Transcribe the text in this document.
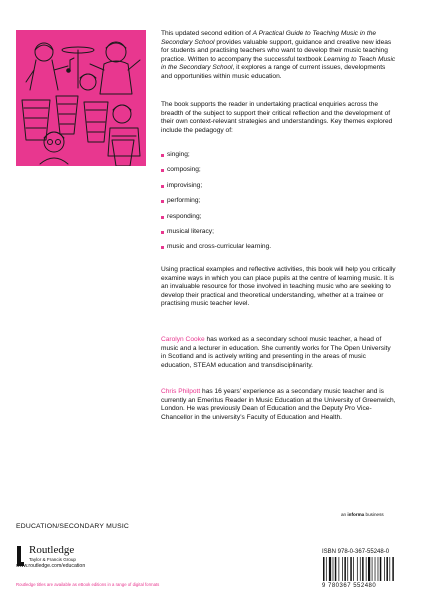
This updated second edition of A Practical Guide to Teaching Music in the Secondary School provides valuable support, guidance and creative new ideas for students and practising teachers who want to develop their music teaching practice. Written to accompany the successful textbook Learning to Teach Music in the Secondary School, it explores a range of current issues, developments and opportunities within music education.

The book supports the reader in undertaking practical enquiries across the breadth of the subject to support their critical reflection and the development of their own context-relevant strategies and understandings. Key themes explored include the pedagogy of:

singing;
composing;
improvising;
performing;
responding;
musical literacy;
music and cross-curricular learning.

Using practical examples and reflective activities, this book will help you critically examine ways in which you can place pupils at the centre of learning music. It is an invaluable resource for those involved in teaching music who are seeking to develop their practical and theoretical understanding, whether at a trainee or practising music teacher level.

Carolyn Cooke has worked as a secondary school music teacher, a head of music and a lecturer in education. She currently works for The Open University in Scotland and is actively writing and presenting in the areas of music education, STEAM education and transdisciplinarity.

Chris Philpott has 16 years’ experience as a secondary music teacher and is currently an Emeritus Reader in Music Education at the University of Greenwich, London. He was previously Dean of Education and the Deputy Pro Vice-Chancellor in the university’s Faculty of Education and Health.

EDUCATION/SECONDARY MUSIC
Routledge
Taylor & Francis Group
www.routledge.com/education
Routledge titles are available as eBook editions in a range of digital formats
an informa business
ISBN 978-0-367-55248-0
9 780367 552480
